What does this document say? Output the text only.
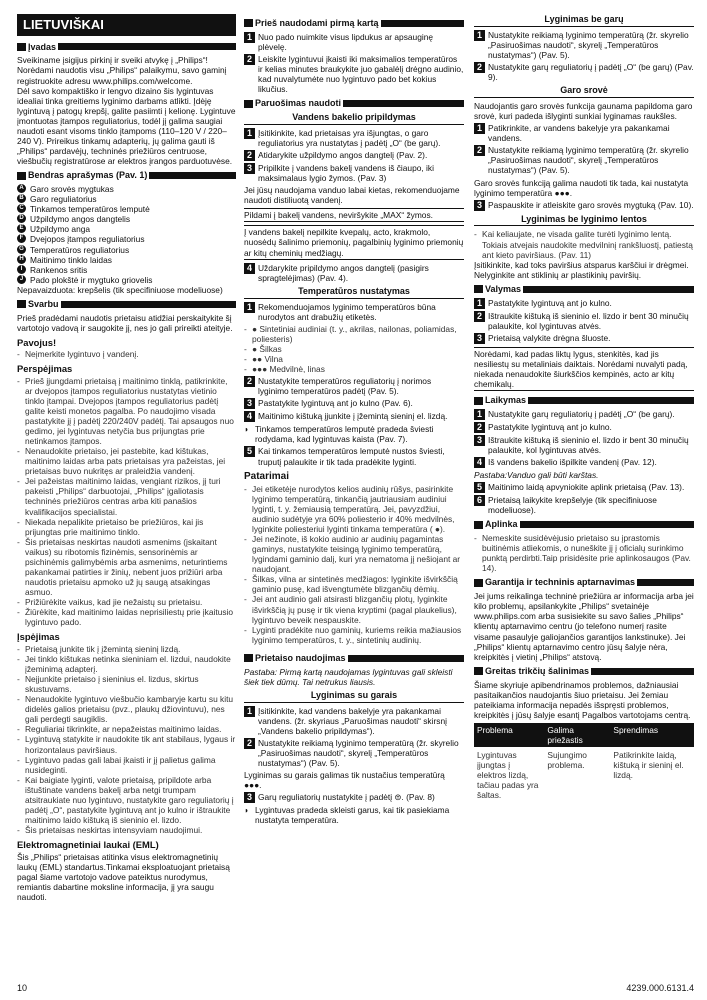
LIETUVIŠKAI
Įvadas

Sveikiname įsigijus pirkinį ir sveiki atvykę į „Philips“! Norėdami naudotis visu „Philips“ palaikymu, savo gaminį registruokite adresu www.philips.com/welcome.
Dėl savo kompaktiško ir lengvo dizaino šis lygintuvas idealiai tinka greitiems lyginimo darbams atlikti. Įdėję lygintuvą į patogų krepšį, galite pasiimti į kelionę. Lygintuve įmontuotas įtampos reguliatorius, todėl jį galima saugiai naudoti esant visoms tinklo įtampoms (110–120 V / 220–240 V). Prireikus tinkamų adapterių, jų galima gauti iš „Philips“ pardavėjų, techninės priežiūros centruose, viešbučių registratūrose ar elektros įrangos parduotuvėse.

Bendras aprašymas (Pav. 1)
A Garo srovės mygtukas
B Garo reguliatorius
C Tinkamos temperatūros lemputė
D Užpildymo angos dangtelis
E Užpildymo anga
F Dvejopos įtampos reguliatorius
G Temperatūros reguliatorius
H Maitinimo tinklo laidas
I Rankenos sritis
J Pado plokštė ir mygtuko griovelis

Nepavaizduota: krepšelis (tik specifiniuose modeliuose)

Svarbu

Prieš pradėdami naudotis prietaisu atidžiai perskaitykite šį vartotojo vadovą ir saugokite jį, nes jo gali prireikti ateityje.

Pavojus!
- Neįmerkite lygintuvo į vandenį.
Perspėjimas
- Prieš įjungdami prietaisą į maitinimo tinklą, patikrinkite, ar dvejopos įtampos reguliatorius nustatytas vietinio tinklo įtampai. Dvejopos įtampos reguliatorius padėtį galite keisti monetos pagalba. Po naudojimo visada pastatykite jį į padėtį 220/240V padėtį. Tai apsaugos nuo gedimo, jei lygintuvas netyčia bus prijungtas prie netinkamos įtampos.
- Nenaudokite prietaiso, jei pastebite, kad kištukas, maitinimo laidas arba pats prietaisas yra pažeistas, jei prietaisas buvo nukritęs ar praleidžia vandenį.
- Jei pažeistas maitinimo laidas, vengiant rizikos, jį turi pakeisti „Philips“ darbuotojai, „Philips“ įgaliotasis techninės priežiūros centras arba kiti panašios kvalifikacijos specialistai.
- Niekada nepalikite prietaiso be priežiūros, kai jis prijungtas prie maitinimo tinklo.
- Šis prietaisas neskirtas naudoti asmenims (įskaitant vaikus) su ribotomis fizinėmis, sensorinėmis ar psichinėmis galimybėmis arba asmenims, neturintiems pakankamai patirties ir žinių, nebent juos prižiūri arba naudotis prietaisu apmoko už jų saugą atsakingas asmuo.
- Prižiūrėkite vaikus, kad jie nežaistų su prietaisu.
- Žiūrėkite, kad maitinimo laidas neprisiliestų prie įkaitusio lygintuvo pado.
Įspėjimas
- Prietaisą junkite tik į įžemintą sieninį lizdą.
- Jei tinklo kištukas netinka sieniniam el. lizdui, naudokite įžeminimą adapterį.
- Neįjunkite prietaiso į sieninius el. lizdus, skirtus skustuvams.
- Nenaudokite lygintuvo viešbučio kambaryje kartu su kitu didelės galios prietaisu (pvz., plaukų džiovintuvu), nes gali perdegti saugiklis.
- Reguliariai tikrinkite, ar nepažeistas maitinimo laidas.
- Lygintuvą statykite ir naudokite tik ant stabilaus, lygaus ir horizontalaus paviršiaus.
- Lygintuvo padas gali labai įkaisti ir jį palietus galima nusideginti.
- Kai baigiate lyginti, valote prietaisą, pripildote arba ištuštinate vandens bakelį arba netgi trumpam atsitraukiate nuo lygintuvo, nustatykite garo reguliatorių į padėtį „O“, pastatykite lygintuvą ant jo kulno ir ištraukite maitinimo laido kištuką iš sieninio el. lizdo.
- Šis prietaisas neskirtas intensyviam naudojimui.
Elektromagnetiniai laukai (EML)

Šis „Philips“ prietaisas atitinka visus elektromagnetinių laukų (EML) standartus.Tinkamai eksploatuojant prietaisą pagal šiame vartotojo vadove pateiktus nurodymus, remiantis dabartine moksline informacija, jį yra saugu naudoti.

Prieš naudodami pirmą kartą
1 Nuo pado nuimkite visus lipdukus ar apsauginę plėvelę.
2 Leiskite lygintuvui įkaisti iki maksimalios temperatūros ir kelias minutes braukykite juo gabalėlį drėgno audinio, kad nuvalytumėte nuo lygintuvo pado bet kokius likučius.
Paruošimas naudoti
Vandens bakelio pripildymas
1 Įsitikinkite, kad prietaisas yra išjungtas, o garo reguliatorius yra nustatytas į padėtį „O“ (be garų).
2 Atidarykite užpildymo angos dangtelį (Pav. 2).
3 Pripilkite į vandens bakelį vandens iš čiaupo, iki maksimalaus lygio žymos. (Pav. 3)

Jei jūsų naudojama vanduo labai kietas, rekomenduojame naudoti distiliuotą vandenį.

Pildami į bakelį vandens, neviršykite „MAX“ žymos.
Į vandens bakelį nepilkite kvepalų, acto, krakmolo, nuosėdų šalinimo priemonių, pagalbinių lyginimo priemonių ar kitų cheminių medžiagų.
4 Uždarykite pripildymo angos dangtelį (pasigirs spragtelėjimas) (Pav. 4).
Temperatūros nustatymas
1 Rekomenduojamos lyginimo temperatūros būna nurodytos ant drabužių etiketės.
- ● Sintetiniai audiniai (t. y., akrilas, nailonas, poliamidas, poliesteris)
- ● Šilkas
- ●● Vilna
- ●●● Medvilnė, linas
2 Nustatykite temperatūros reguliatorių į norimos lyginimo temperatūros padėtį (Pav. 5).
3 Pastatykite lygintuvą ant jo kulno (Pav. 6).
4 Maitinimo kištuką įjunkite į įžemintą sieninį el. lizdą.
◗ Tinkamos temperatūros lemputė pradeda šviesti rodydama, kad lygintuvas kaista (Pav. 7).
5 Kai tinkamos temperatūros lemputė nustos šviesti, truputį palaukite ir tik tada pradėkite lyginti.
Patarimai
- Jei etiketėje nurodytos kelios audinių rūšys, pasirinkite lyginimo temperatūrą, tinkančią jautriausiam audiniui lyginti, t. y. žemiausią temperatūrą. Jei, pavyzdžiui, audinio sudėtyje yra 60% poliesterio ir 40% medvilnės, lyginkite poliesteriui lyginti tinkama temperatūra ( ●).
- Jei nežinote, iš kokio audinio ar audinių pagamintas gaminys, nustatykite teisingą lyginimo temperatūrą, lygindami gaminio dalį, kuri yra nematoma jį nešiojant ar naudojant.
- Šilkas, vilna ar sintetinės medžiagos: lyginkite išvirkščią gaminio pusę, kad išvengtumėte blizgančių dėmių.
- Jei ant audinio gali atsirasti blizgančių plotų, lyginkite išvirkščią jų pusę ir tik viena kryptimi (pagal plaukelius), lygintuvo beveik nespauskite.
- Lyginti pradėkite nuo gaminių, kuriems reikia mažiausios lyginimo temperatūros, t. y., sintetinių audinių.
Prietaiso naudojimas

Pastaba: Pirmą kartą naudojamas lygintuvas gali skleisti šiek tiek dūmų. Tai netrukus liausis.

Lyginimas su garais
1 Įsitikinkite, kad vandens bakelyje yra pakankamai vandens. (žr. skyriaus „Paruošimas naudoti“ skirsnį „Vandens bakelio pripildymas“).
2 Nustatykite reikiamą lyginimo temperatūrą (žr. skyrelio „Pasiruošimas naudoti“, skyrelį „Temperatūros nustatymas“) (Pav. 5).

Lyginimas su garais galimas tik nustačius temperatūrą ●●●.

3 Garų reguliatorių nustatykite į padėtį ⊜. (Pav. 8)
◗ Lygintuvas pradeda skleisti garus, kai tik pasiekiama nustatyta temperatūra.
Lyginimas be garų
1 Nustatykite reikiamą lyginimo temperatūrą (žr. skyrelio „Pasiruošimas naudoti“, skyrelį „Temperatūros nustatymas“) (Pav. 5).
2 Nustatykite garų reguliatorių į padėtį „O“ (be garų) (Pav. 9).
Garo srovė

Naudojantis garo srovės funkcija gaunama papildoma garo srovė, kuri padeda išlyginti sunkiai lyginamas raukšles.

1 Patikrinkite, ar vandens bakelyje yra pakankamai vandens.
2 Nustatykite reikiamą lyginimo temperatūrą (žr. skyrelio „Pasiruošimas naudoti“, skyrelį „Temperatūros nustatymas“) (Pav. 5).

Garo srovės funkciją galima naudoti tik tada, kai nustatyta lyginimo temperatūra ●●●.

3 Paspauskite ir atleiskite garo srovės mygtuką (Pav. 10).
Lyginimas be lyginimo lentos
- Kai keliaujate, ne visada galite turėti lyginimo lentą. Tokiais atvejais naudokite medvilninį rankšluostį, patiestą ant kieto paviršiaus. (Pav. 11)

Įsitikinkite, kad toks paviršius atsparus karščiui ir drėgmei. Nelyginkite ant stiklinių ar plastikinių paviršių.

Valymas
1 Pastatykite lygintuvą ant jo kulno.
2 Ištraukite kištuką iš sieninio el. lizdo ir bent 30 minučių palaukite, kol lygintuvas atvės.
3 Prietaisą valykite drėgna šluoste.
Norėdami, kad padas liktų lygus, stenkitės, kad jis nesiliestų su metaliniais daiktais. Norėdami nuvalyti padą, niekada nenaudokite šiurkščios kempinės, acto ar kitų chemikalų.
Laikymas
1 Nustatykite garų reguliatorių į padėtį „O“ (be garų).
2 Pastatykite lygintuvą ant jo kulno.
3 Ištraukite kištuką iš sieninio el. lizdo ir bent 30 minučių palaukite, kol lygintuvas atvės.
4 Iš vandens bakelio išpilkite vandenį (Pav. 12).

Pastaba:Vanduo gali būti karštas.

5 Maitinimo laidą apvyniokite aplink prietaisą (Pav. 13).
6 Prietaisą laikykite krepšelyje (tik specifiniuose modeliuose).
Aplinka
- Nemeskite susidėvėjusio prietaiso su įprastomis buitinėmis atliekomis, o nuneškite jį į oficialų surinkimo punktą perdirbti.Taip prisidėsite prie aplinkosaugos (Pav. 14).
Garantija ir techninis aptarnavimas

Jei jums reikalinga techninė priežiūra ar informacija arba jei kilo problemų, apsilankykite „Philips“ svetainėje www.philips.com arba susisiekite su savo šalies „Philips“ klientų aptarnavimo centru (jo telefono numerį rasite visame pasaulyje galiojančios garantijos lankstinuke). Jei „Philips“ klientų aptarnavimo centro jūsų šalyje nėra, kreipkitės į vietinį „Philips“ atstovą.

Greitas trikčių šalinimas

Šiame skyriuje apibendrinamos problemos, dažniausiai pasitaikančios naudojantis šiuo prietaisu. Jei žemiau pateikiama informacija nepadės išspręsti problemos, kreipkitės į jūsų šalyje esantį Pagalbos vartotojams centrą.

Problema	Galima priežastis	Sprendimas
Lygintuvas įjungtas į elektros lizdą, tačiau padas yra šaltas.	Sujungimo problema.	Patikrinkite laidą, kištuką ir sieninį el. lizdą.
10	4239.000.6131.4
